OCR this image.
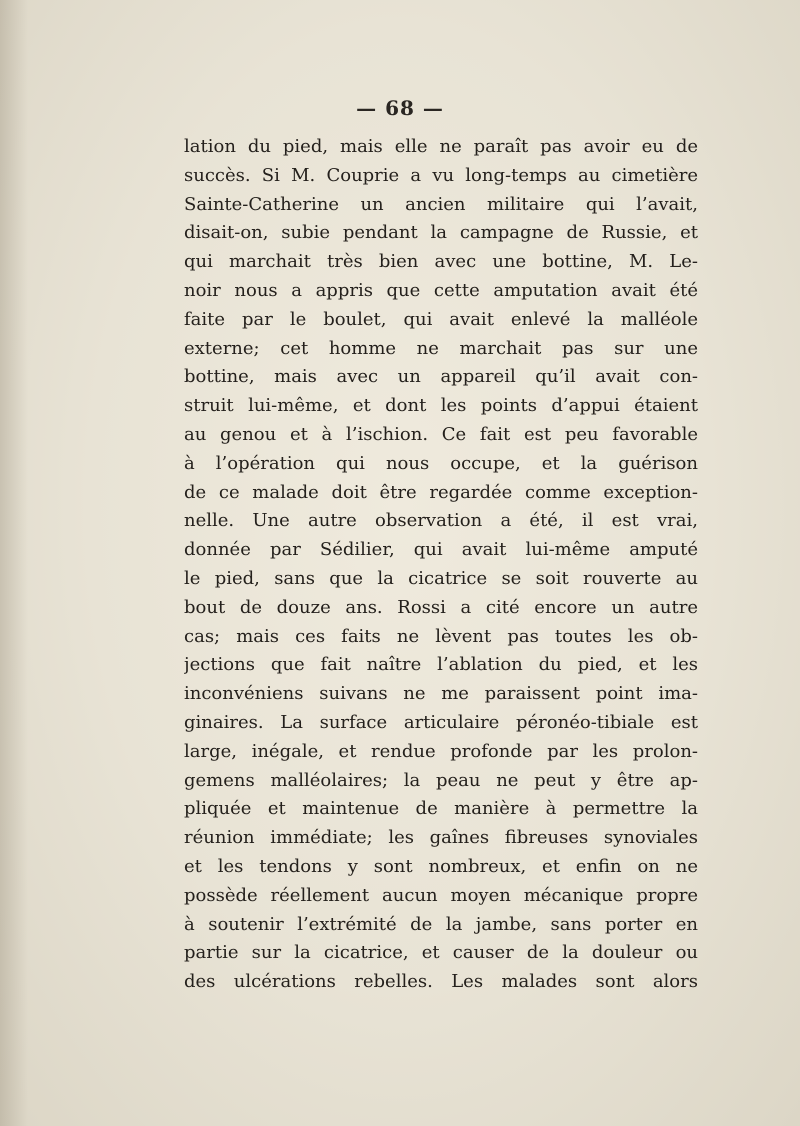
— 68 —
lation du pied, mais elle ne paraît pas avoir eu de
succès. Si M. Couprie a vu long-temps au cimetière
Sainte-Catherine un ancien militaire qui l’avait,
disait-on, subie pendant la campagne de Russie, et
qui marchait très bien avec une bottine, M. Le-
noir nous a appris que cette amputation avait été
faite par le boulet, qui avait enlevé la malléole
externe; cet homme ne marchait pas sur une
bottine, mais avec un appareil qu’il avait con-
struit lui-même, et dont les points d’appui étaient
au genou et à l’ischion. Ce fait est peu favorable
à l’opération qui nous occupe, et la guérison
de ce malade doit être regardée comme exception-
nelle. Une autre observation a été, il est vrai,
donnée par Sédilier, qui avait lui-même amputé
le pied, sans que la cicatrice se soit rouverte au
bout de douze ans. Rossi a cité encore un autre
cas; mais ces faits ne lèvent pas toutes les ob-
jections que fait naître l’ablation du pied, et les
inconvéniens suivans ne me paraissent point ima-
ginaires. La surface articulaire péronéo-tibiale est
large, inégale, et rendue profonde par les prolon-
gemens malléolaires; la peau ne peut y être ap-
pliquée et maintenue de manière à permettre la
réunion immédiate; les gaînes fibreuses synoviales
et les tendons y sont nombreux, et enfin on ne
possède réellement aucun moyen mécanique propre
à soutenir l’extrémité de la jambe, sans porter en
partie sur la cicatrice, et causer de la douleur ou
des ulcérations rebelles. Les malades sont alors
